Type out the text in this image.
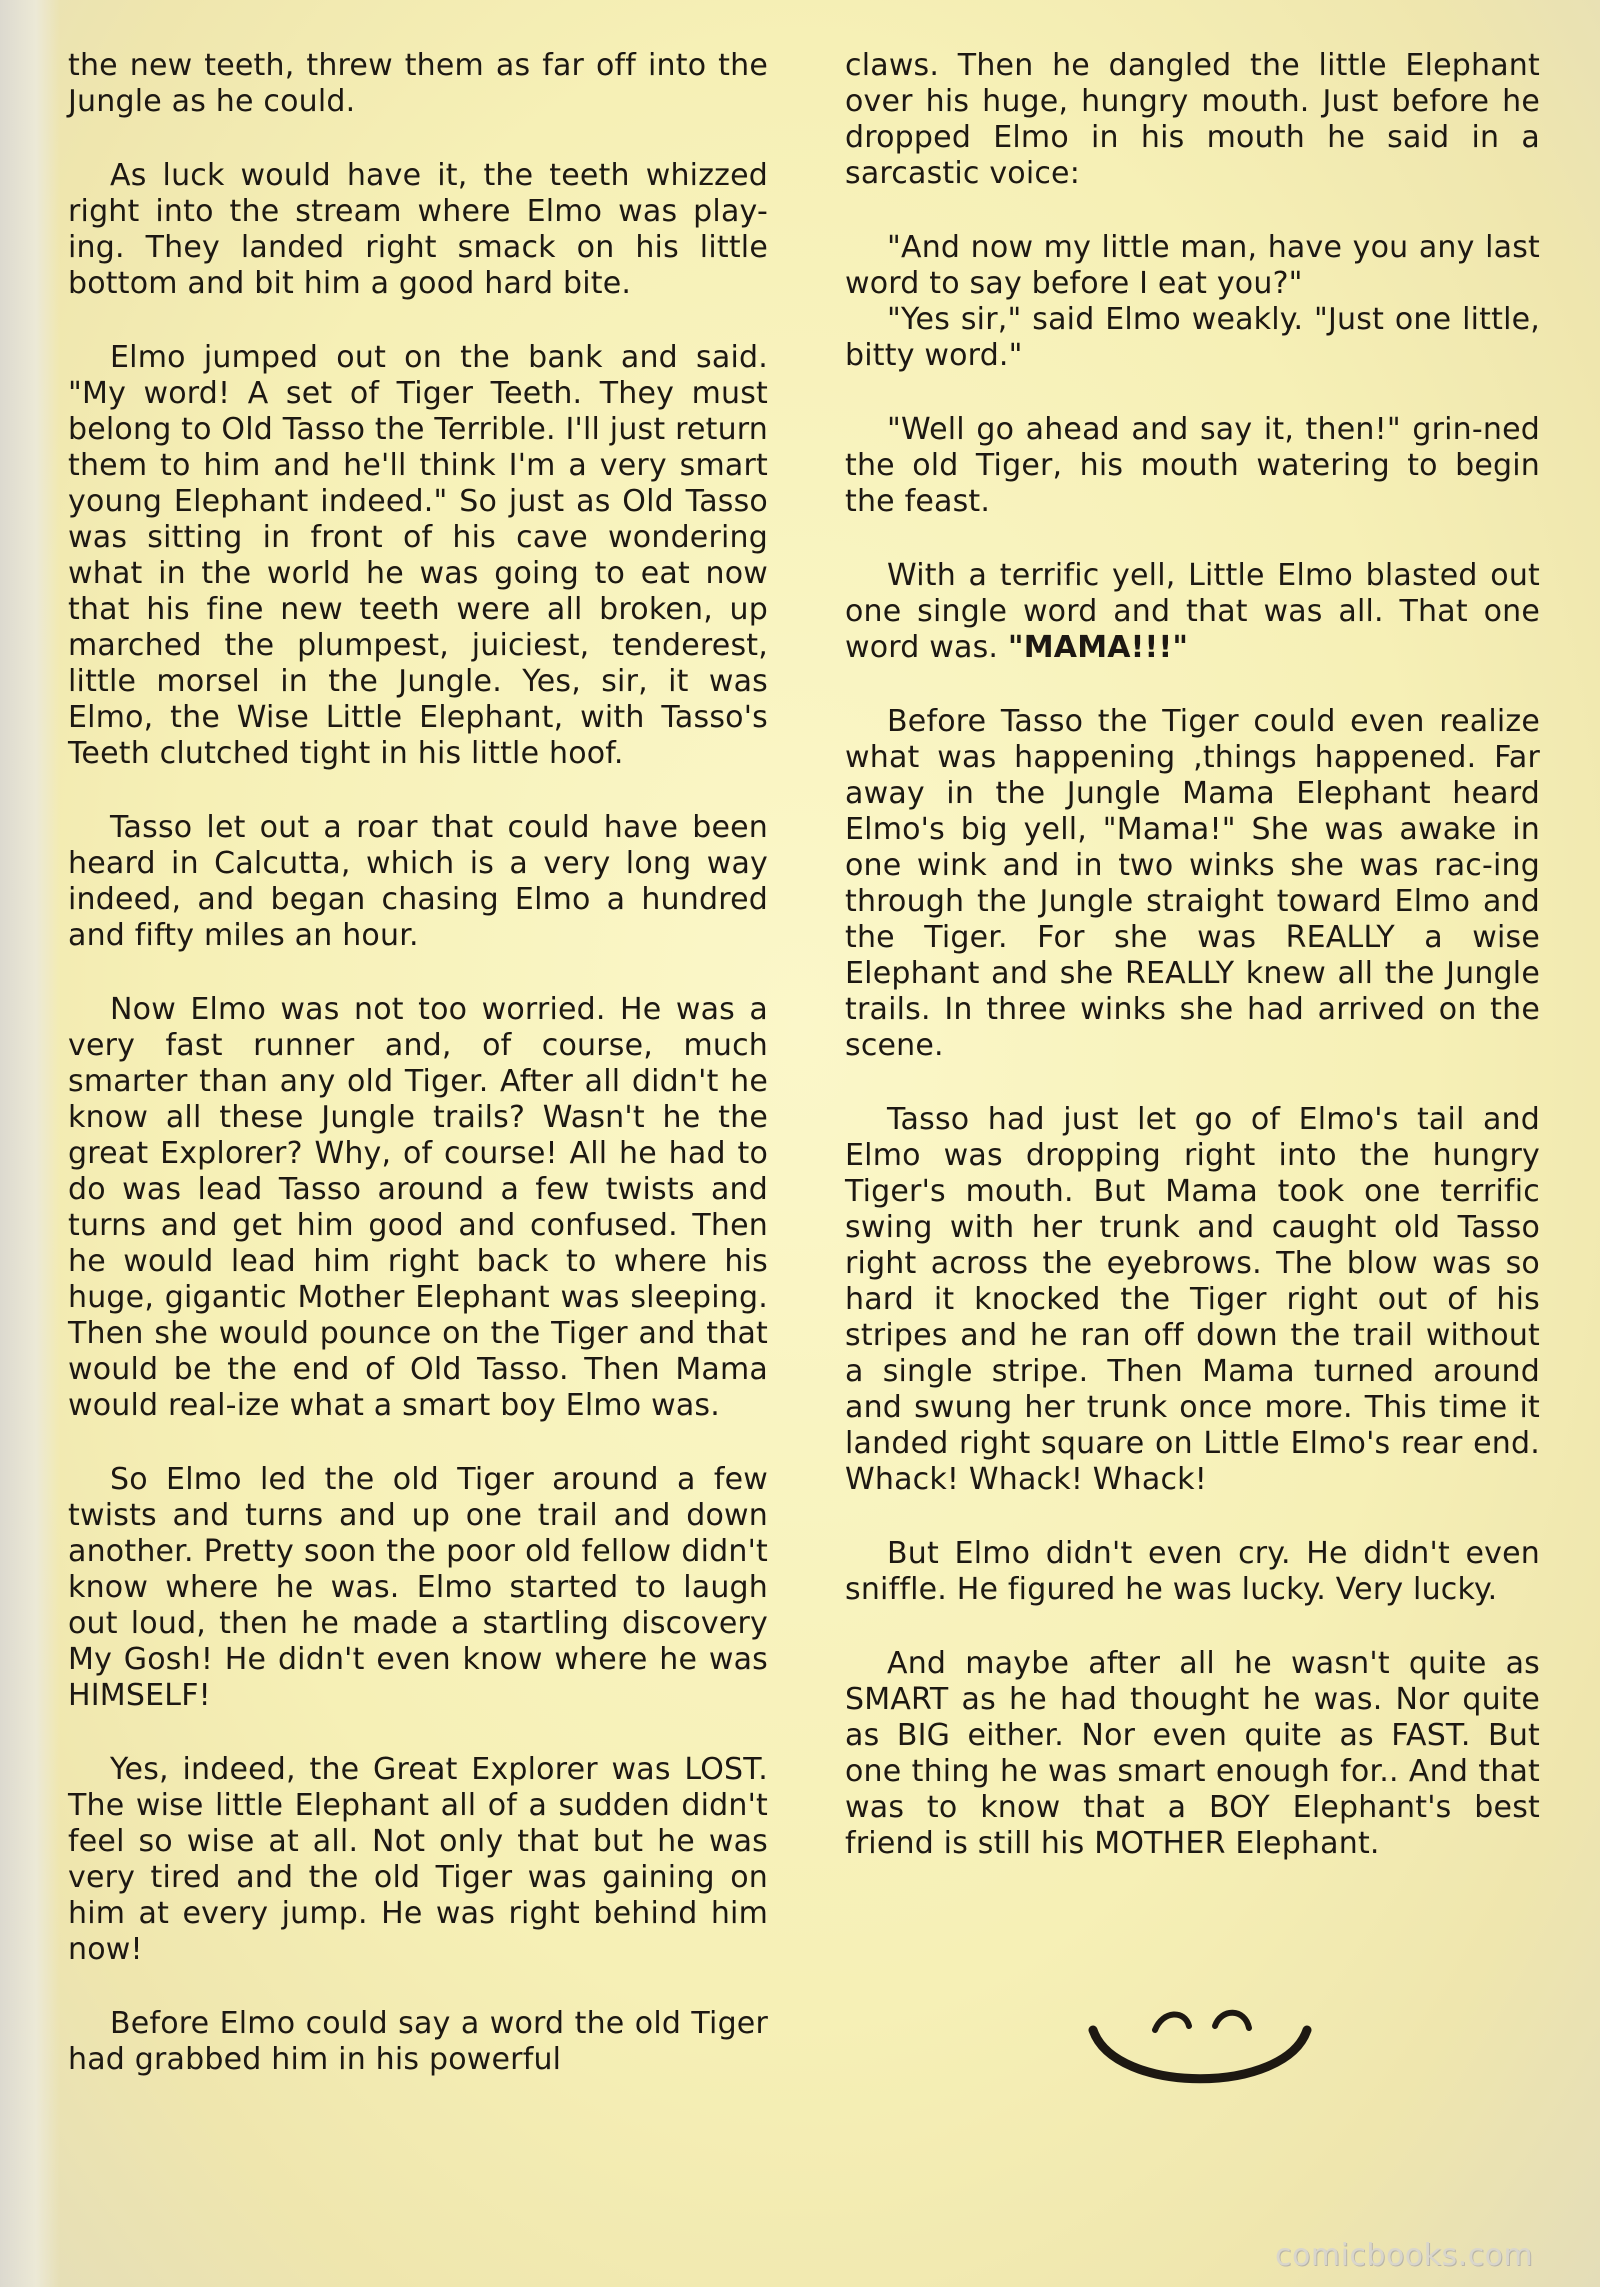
the new teeth, threw them as far off into the Jungle as he could.

As luck would have it, the teeth whizzed right into the stream where Elmo was play-ing. They landed right smack on his little bottom and bit him a good hard bite.

Elmo jumped out on the bank and said. "My word! A set of Tiger Teeth. They must belong to Old Tasso the Terrible. I'll just return them to him and he'll think I'm a very smart young Elephant indeed." So just as Old Tasso was sitting in front of his cave wondering what in the world he was going to eat now that his fine new teeth were all broken, up marched the plumpest, juiciest, tenderest, little morsel in the Jungle. Yes, sir, it was Elmo, the Wise Little Elephant, with Tasso's Teeth clutched tight in his little hoof.

Tasso let out a roar that could have been heard in Calcutta, which is a very long way indeed, and began chasing Elmo a hundred and fifty miles an hour.

Now Elmo was not too worried. He was a very fast runner and, of course, much smarter than any old Tiger. After all didn't he know all these Jungle trails? Wasn't he the great Explorer? Why, of course! All he had to do was lead Tasso around a few twists and turns and get him good and confused. Then he would lead him right back to where his huge, gigantic Mother Elephant was sleeping. Then she would pounce on the Tiger and that would be the end of Old Tasso. Then Mama would real-ize what a smart boy Elmo was.

So Elmo led the old Tiger around a few twists and turns and up one trail and down another. Pretty soon the poor old fellow didn't know where he was. Elmo started to laugh out loud, then he made a startling discovery My Gosh! He didn't even know where he was HIMSELF!

Yes, indeed, the Great Explorer was LOST. The wise little Elephant all of a sudden didn't feel so wise at all. Not only that but he was very tired and the old Tiger was gaining on him at every jump. He was right behind him now!

Before Elmo could say a word the old Tiger had grabbed him in his powerful

claws. Then he dangled the little Elephant over his huge, hungry mouth. Just before he dropped Elmo in his mouth he said in a sarcastic voice:

"And now my little man, have you any last word to say before I eat you?"

"Yes sir," said Elmo weakly. "Just one little, bitty word."

"Well go ahead and say it, then!" grin-ned the old Tiger, his mouth watering to begin the feast.

With a terrific yell, Little Elmo blasted out one single word and that was all. That one word was. "MAMA!!!"

Before Tasso the Tiger could even realize what was happening ,things happened. Far away in the Jungle Mama Elephant heard Elmo's big yell, "Mama!" She was awake in one wink and in two winks she was rac-ing through the Jungle straight toward Elmo and the Tiger. For she was REALLY a wise Elephant and she REALLY knew all the Jungle trails. In three winks she had arrived on the scene.

Tasso had just let go of Elmo's tail and Elmo was dropping right into the hungry Tiger's mouth. But Mama took one terrific swing with her trunk and caught old Tasso right across the eyebrows. The blow was so hard it knocked the Tiger right out of his stripes and he ran off down the trail without a single stripe. Then Mama turned around and swung her trunk once more. This time it landed right square on Little Elmo's rear end. Whack! Whack! Whack!

But Elmo didn't even cry. He didn't even sniffle. He figured he was lucky. Very lucky.

And maybe after all he wasn't quite as SMART as he had thought he was. Nor quite as BIG either. Nor even quite as FAST. But one thing he was smart enough for.. And that was to know that a BOY Elephant's best friend is still his MOTHER Elephant.

comicbooks.com
